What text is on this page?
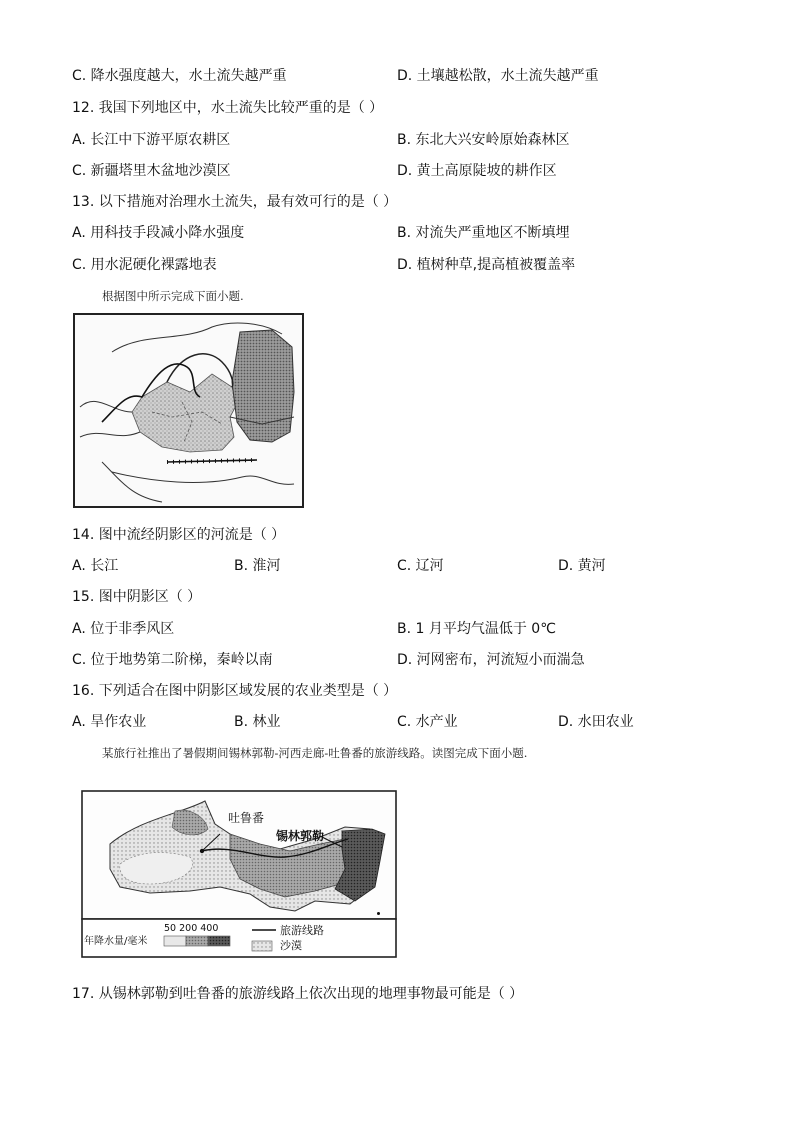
C. 降水强度越大，水土流失越严重	D. 土壤越松散，水土流失越严重
12. 我国下列地区中，水土流失比较严重的是（ ）
A. 长江中下游平原农耕区	B. 东北大兴安岭原始森林区
C. 新疆塔里木盆地沙漠区	D. 黄土高原陡坡的耕作区
13. 以下措施对治理水土流失，最有效可行的是（ ）
A. 用科技手段减小降水强度	B. 对流失严重地区不断填埋
C. 用水泥硬化裸露地表	D. 植树种草,提高植被覆盖率
根据图中所示完成下面小题.
14. 图中流经阴影区的河流是（ ）
A. 长江	B. 淮河	C. 辽河	D. 黄河
15. 图中阴影区（ ）
A. 位于非季风区	B. 1 月平均气温低于 0℃
C. 位于地势第二阶梯，秦岭以南	D. 河网密布，河流短小而湍急
16. 下列适合在图中阴影区域发展的农业类型是（ ）
A. 旱作农业	B. 林业	C. 水产业	D. 水田农业
某旅行社推出了暑假期间锡林郭勒-河西走廊-吐鲁番的旅游线路。读图完成下面小题.
吐鲁番
锡林郭勒
年降水量/毫米
50 200 400	旅游线路
沙漠
17. 从锡林郭勒到吐鲁番的旅游线路上依次出现的地理事物最可能是（ ）
